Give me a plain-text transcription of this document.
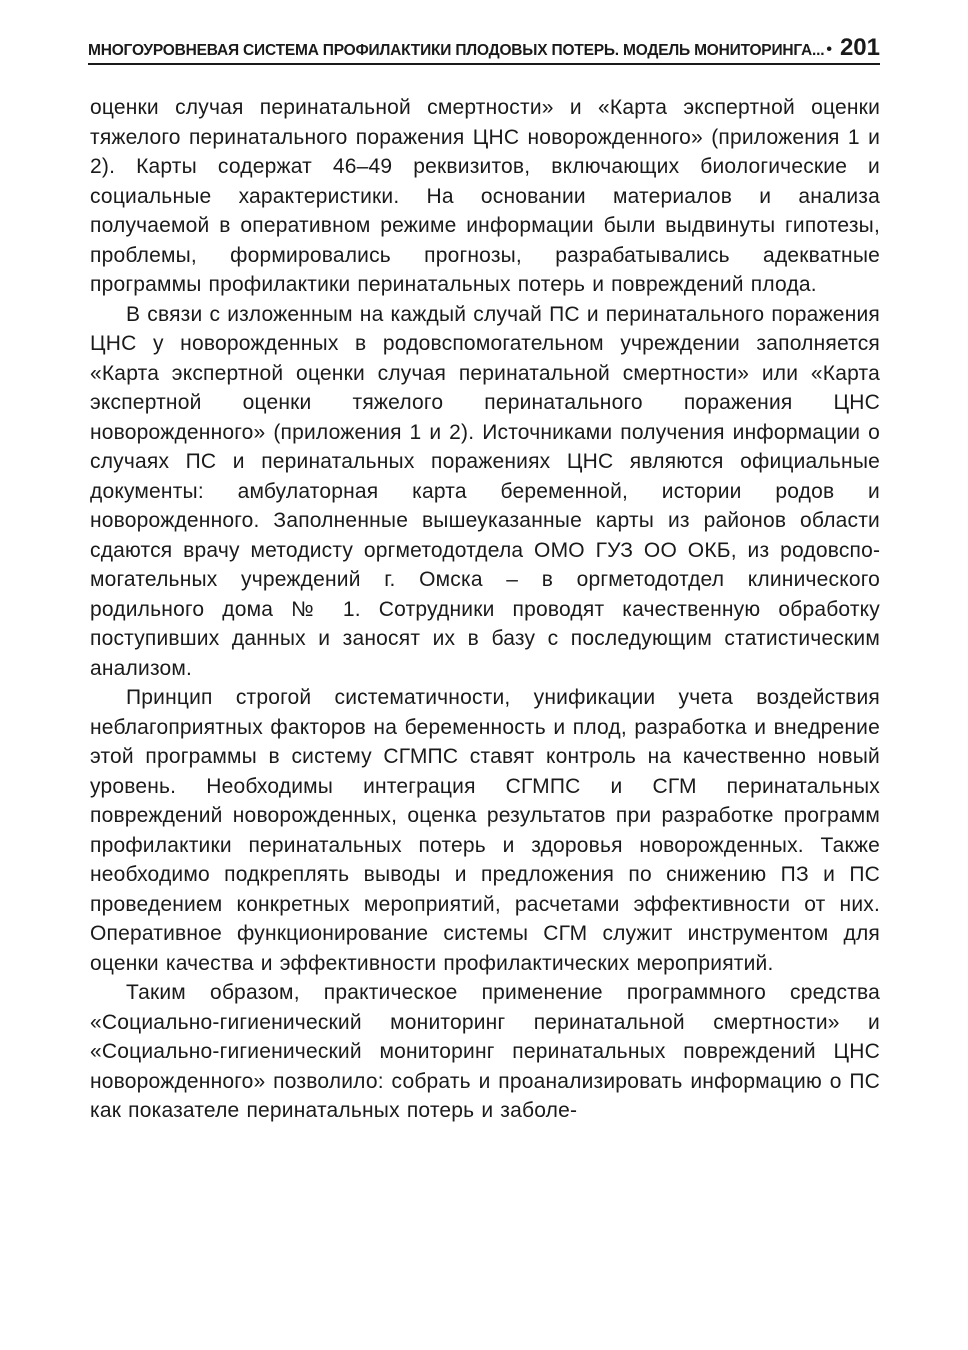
МНОГОУРОВНЕВАЯ СИСТЕМА ПРОФИЛАКТИКИ ПЛОДОВЫХ ПОТЕРЬ. МОДЕЛЬ МОНИТОРИНГА... • 201

оценки случая перинатальной смертности» и «Карта экспертной оценки тяжелого перинатального поражения ЦНС новорожденного» (приложения 1 и 2). Карты содержат 46–49 реквизитов, включающих биологические и социальные характеристики. На основании материалов и анализа получаемой в оперативном режиме информации были выдвинуты гипотезы, проблемы, формировались прогнозы, разрабатывались адекватные программы профилактики перинатальных потерь и повреждений плода.

В связи с изложенным на каждый случай ПС и перинатального поражения ЦНС у новорожденных в родовспомогательном учреждении заполняется «Карта экспертной оценки случая перинатальной смертности» или «Карта экспертной оценки тяжелого перинатального поражения ЦНС новорожденного» (приложения 1 и 2). Источниками получения информации о случаях ПС и перинатальных поражениях ЦНС являются официальные документы: амбулаторная карта беременной, истории родов и новорожденного. Заполненные вышеуказанные карты из районов области сдаются врачу методисту оргметодотдела ОМО ГУЗ ОО ОКБ, из родовспомогательных учреждений г. Омска – в оргметодотдел клинического родильного дома № 1. Сотрудники проводят качественную обработку поступивших данных и заносят их в базу с последующим статистическим анализом.

Принцип строгой систематичности, унификации учета воздействия неблагоприятных факторов на беременность и плод, разработка и внедрение этой программы в систему СГМПС ставят контроль на качественно новый уровень. Необходимы интеграция СГМПС и СГМ перинатальных повреждений новорожденных, оценка результатов при разработке программ профилактики перинатальных потерь и здоровья новорожденных. Также необходимо подкреплять выводы и предложения по снижению ПЗ и ПС проведением конкретных мероприятий, расчетами эффективности от них. Оперативное функционирование системы СГМ служит инструментом для оценки качества и эффективности профилактических мероприятий.

Таким образом, практическое применение программного средства «Социально-гигиенический мониторинг перинатальной смертности» и «Социально-гигиенический мониторинг перинатальных повреждений ЦНС новорожденного» позволило: собрать и проанализировать информацию о ПС как показателе перинатальных потерь и заболе-
